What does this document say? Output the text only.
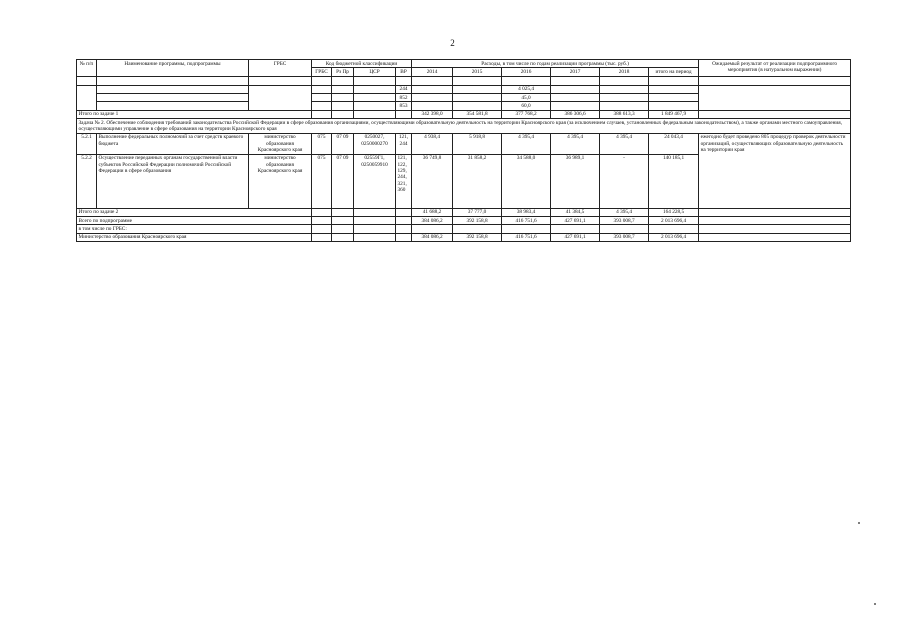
2
№ п/п	Наименование программы, подпрограммы	ГРБС	Код бюджетной классификации				Расходы, в том числе по годам реализации программы (тыс. руб.)						Ожидаемый результат от реализации подпрограммного мероприятия (в натуральном выражении)
			ГРБС	Рз Пр	ЦСР	ВР	2014	2015	2016	2017	2018	итого на период	

						244			4 025,4				
						852			45,0				
						853			60,0				
Итого по задаче 1							342 398,0	354 581,8	377 768,2	386 306,6	388 613,3	1 849 467,9	
Задача № 2. Обеспечение соблюдения требований законодательства Российской Федерации в сфере образования организациями, осуществляющими образовательную деятельность на территории Красноярского края (за исключением случаев, установленных федеральным законодательством), а также органами местного самоуправления, осуществляющими управление в сфере образования на территории Красноярского края													
5.2.1	Выполнение федеральных полномочий за счет средств краевого бюджета	министерство образования Красноярского края	075	07 09	0250027, 0250000270	121, 244	4 938,4	5 918,8	4 395,4	4 395,4	4 395,4	24 043,4	ежегодно будет проведено 805 процедур проверок деятельности организаций, осуществляющих образовательную деятельность на территории края
5.2.2	Осуществление переданных органам государственной власти субъектов Российской Федерации полномочий Российской Федерации в сфере образования	министерство образования Красноярского края	075	07 09	02559Г1, 0250059910	121, 122, 129, 244, 321, 360	36 749,8	31 858,2	34 588,0	36 989,1	-	140 185,1	
Итого по задаче 2							41 688,2	37 777,0	38 983,4	41 384,5	4 395,4	164 228,5	
Всего по подпрограмме							384 086,2	392 158,8	416 751,6	427 691,1	393 008,7	2 013 696,4	
в том числе по ГРБС:													
Министерство образования Красноярского края							384 086,2	392 158,8	416 751,6	427 691,1	393 008,7	2 013 696,4	
